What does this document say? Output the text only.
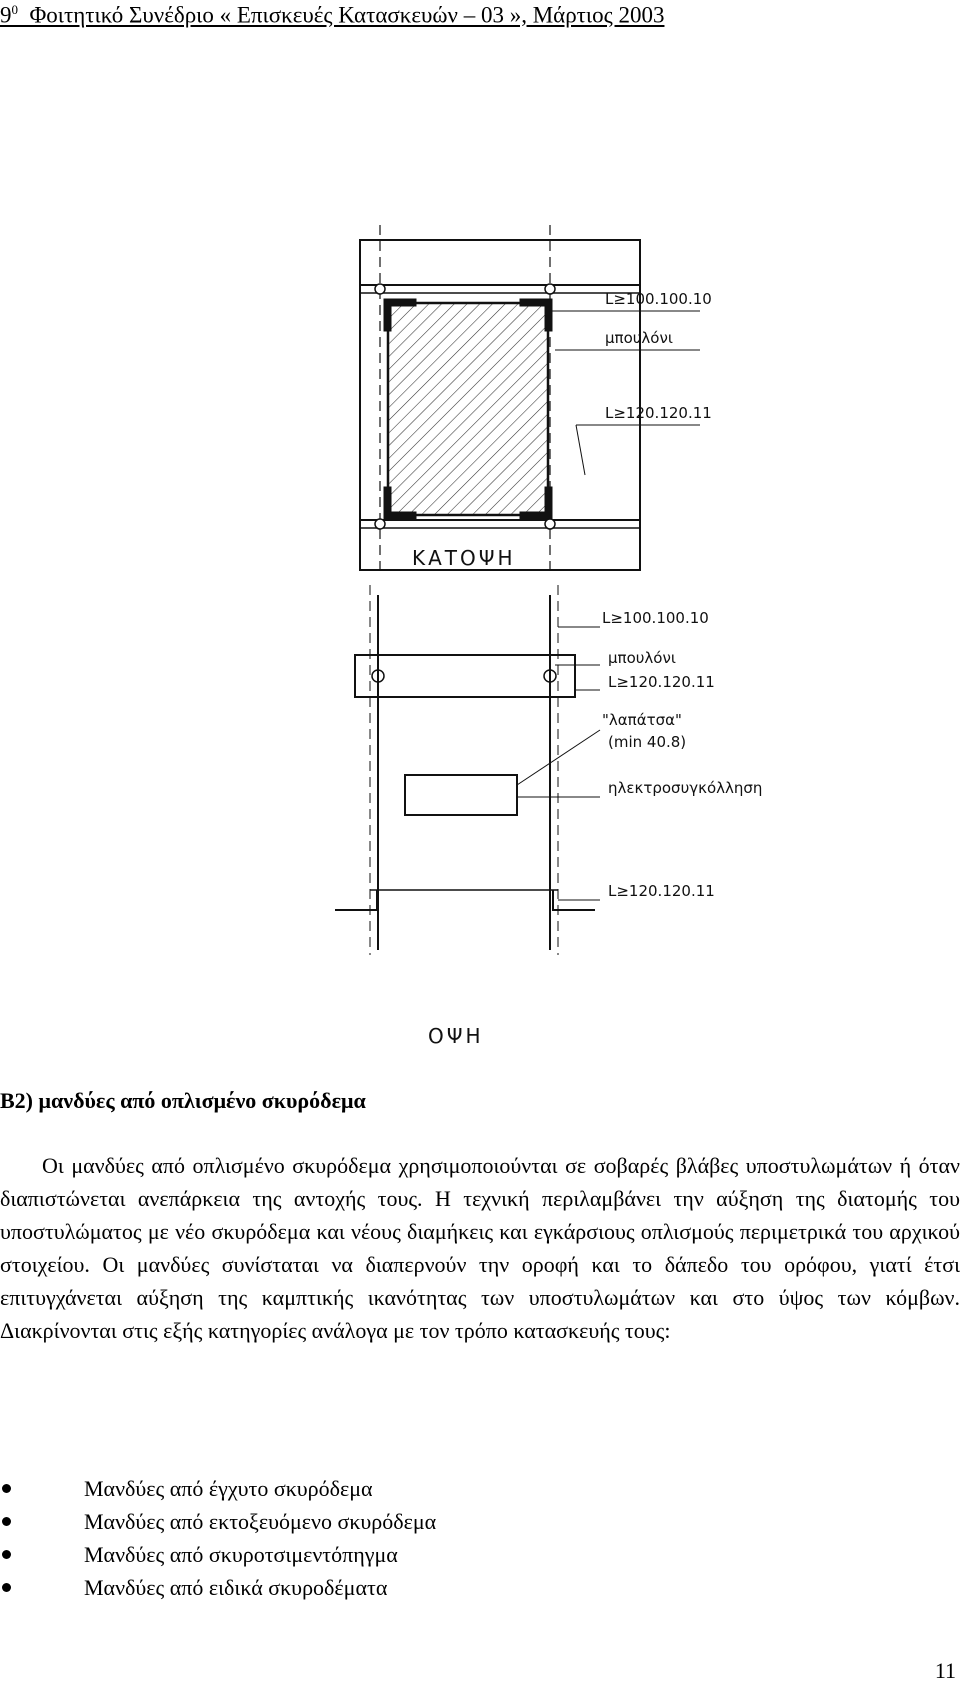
$9^0$ Φοιτητικό Συνέδριο « Επισκευές Κατασκευών – 03 », Μάρτιος 2003
L≥100.100.10
μπουλόνι
L≥120.120.11
ΚΑΤΟΨΗ
L≥100.100.10
μπουλόνι
L≥120.120.11
"λαπάτσα"
(min 40.8)
ηλεκτροσυγκόλληση
L≥120.120.11
ΟΨΗ
Β2) μανδύες από οπλισμένο σκυρόδεμα

Οι μανδύες από οπλισμένο σκυρόδεμα χρησιμοποιούνται σε σοβαρές βλάβες υποστυλωμάτων ή όταν διαπιστώνεται ανεπάρκεια της αντοχής τους. Η τεχνική περιλαμβάνει την αύξηση της διατομής του υποστυλώματος με νέο σκυρόδεμα και νέους διαμήκεις και εγκάρσιους οπλισμούς περιμετρικά του αρχικού στοιχείου. Οι μανδύες συνίσταται να διαπερνούν την οροφή και το δάπεδο του ορόφου, γιατί έτσι επιτυγχάνεται αύξηση της καμπτικής ικανότητας των υποστυλωμάτων και στο ύψος των κόμβων. Διακρίνονται στις εξής κατηγορίες ανάλογα με τον τρόπο κατασκευής τους:

Μανδύες από έγχυτο σκυρόδεμα
Μανδύες από εκτοξευόμενο σκυρόδεμα
Μανδύες από σκυροτσιμεντόπηγμα
Μανδύες από ειδικά σκυροδέματα
11
